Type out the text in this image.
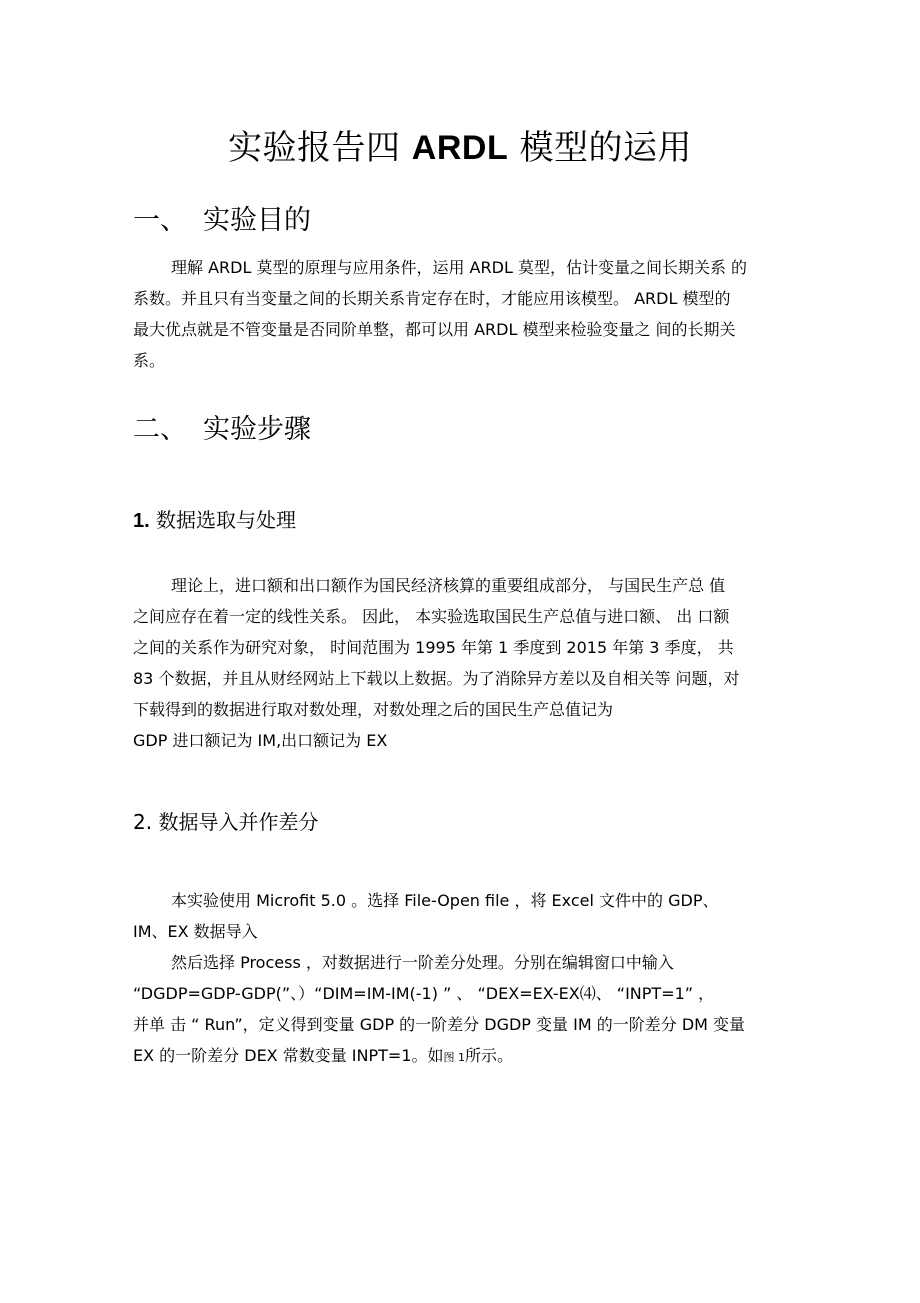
实验报告四 ARDL 模型的运用
一、 实验目的
理解 ARDL 莫型的原理与应用条件，运用 ARDL 莫型，估计变量之间长期关系 的
系数。并且只有当变量之间的长期关系肯定存在时，才能应用该模型。 ARDL 模型的
最大优点就是不管变量是否同阶单整，都可以用 ARDL 模型来检验变量之 间的长期关
系。
二、 实验步骤
1. 数据选取与处理
理论上，进口额和出口额作为国民经济核算的重要组成部分， 与国民生产总 值
之间应存在着一定的线性关系。 因此， 本实验选取国民生产总值与进口额、 出 口额
之间的关系作为研究对象， 时间范围为 1995 年第 1 季度到 2015 年第 3 季度， 共
83 个数据，并且从财经网站上下载以上数据。为了消除异方差以及自相关等 问题，对
下载得到的数据进行取对数处理，对数处理之后的国民生产总值记为
GDP 进口额记为 IM,出口额记为 EX
2. 数据导入并作差分
本实验使用 Microfit 5.0 。选择 File-Open file ，将 Excel 文件中的 GDP、
IM、EX 数据导入
然后选择 Process ，对数据进行一阶差分处理。分别在编辑窗口中输入
“DGDP=GDP-GDP(”、）“DIM=IM-IM(-1) ” 、 “DEX=EX-EX⑷、 “INPT=1” ，
并单 击 “ Run”，定义得到变量 GDP 的一阶差分 DGDP 变量 IM 的一阶差分 DM 变量
EX 的一阶差分 DEX 常数变量 INPT=1。如图 1所示。
